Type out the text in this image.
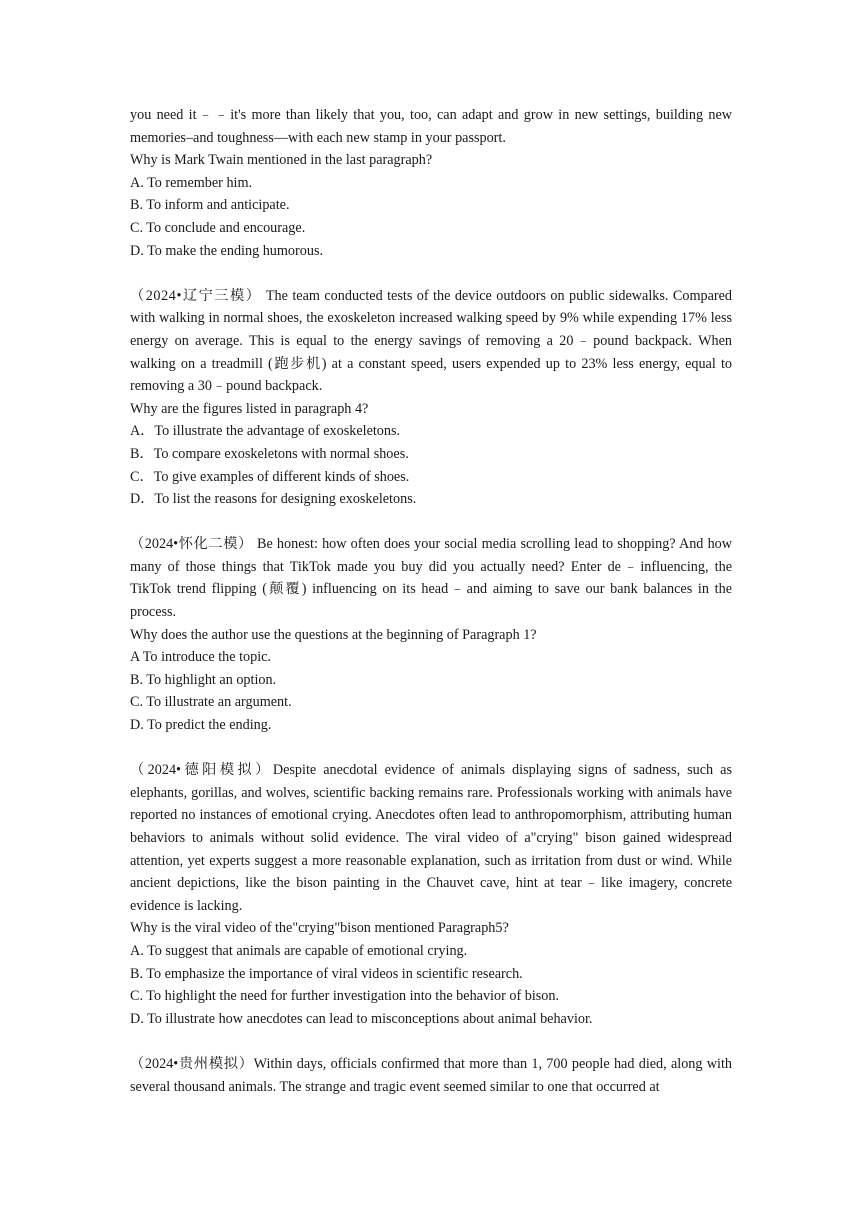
you need it﹣﹣it's more than likely that you, too, can adapt and grow in new settings, building new memories–and toughness—with each new stamp in your passport.

Why is Mark Twain mentioned in the last paragraph?

A. To remember him.

B. To inform and anticipate.

C. To conclude and encourage.

D. To make the ending humorous.

（2024•辽宁三模） The team conducted tests of the device outdoors on public sidewalks. Compared with walking in normal shoes, the exoskeleton increased walking speed by 9% while expending 17% less energy on average. This is equal to the energy savings of removing a 20﹣pound backpack. When walking on a treadmill (跑步机) at a constant speed, users expended up to 23% less energy, equal to removing a 30﹣pound backpack.

Why are the figures listed in paragraph 4?

A．To illustrate the advantage of exoskeletons.

B．To compare exoskeletons with normal shoes.

C．To give examples of different kinds of shoes.

D．To list the reasons for designing exoskeletons.

（2024•怀化二模） Be honest: how often does your social media scrolling lead to shopping? And how many of those things that TikTok made you buy did you actually need? Enter de﹣influencing, the TikTok trend flipping (颠覆) influencing on its head﹣and aiming to save our bank balances in the process.

Why does the author use the questions at the beginning of Paragraph 1?

A To introduce the topic.

B. To highlight an option.

C. To illustrate an argument.

D. To predict the ending.

（2024•德阳模拟）Despite anecdotal evidence of animals displaying signs of sadness, such as elephants, gorillas, and wolves, scientific backing remains rare. Professionals working with animals have reported no instances of emotional crying. Anecdotes often lead to anthropomorphism, attributing human behaviors to animals without solid evidence. The viral video of a"crying" bison gained widespread attention, yet experts suggest a more reasonable explanation, such as irritation from dust or wind. While ancient depictions, like the bison painting in the Chauvet cave, hint at tear﹣like imagery, concrete evidence is lacking.

Why is the viral video of the"crying"bison mentioned Paragraph5?

A. To suggest that animals are capable of emotional crying.

B. To emphasize the importance of viral videos in scientific research.

C. To highlight the need for further investigation into the behavior of bison.

D. To illustrate how anecdotes can lead to misconceptions about animal behavior.

（2024•贵州模拟）Within days, officials confirmed that more than 1, 700 people had died, along with several thousand animals. The strange and tragic event seemed similar to one that occurred at
